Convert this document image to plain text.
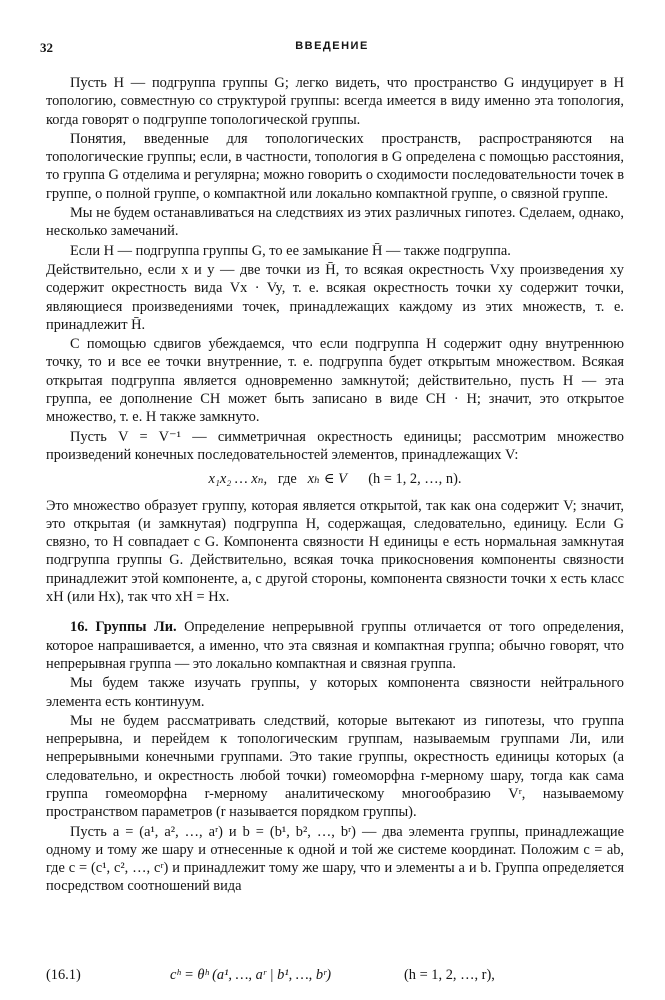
32	ВВЕДЕНИЕ

Пусть H — подгруппа группы G; легко видеть, что пространство G индуцирует в H топологию, совместную со структурой группы: всегда имеется в виду именно эта топология, когда говорят о подгруппе топологической группы.

Понятия, введенные для топологических пространств, распространяются на топологические группы; если, в частности, топология в G определена с помощью расстояния, то группа G отделима и регулярна; можно говорить о сходимости последовательности точек в группе, о полной группе, о компактной или локально компактной группе, о связной группе.

Мы не будем останавливаться на следствиях из этих различных гипотез. Сделаем, однако, несколько замечаний.

Если H — подгруппа группы G, то ее замыкание H̄ — также подгруппа.

Действительно, если x и y — две точки из H̄, то всякая окрестность Vxy произведения xy содержит окрестность вида Vx · Vy, т. е. всякая окрестность точки xy содержит точки, являющиеся произведениями точек, принадлежащих каждому из этих множеств, т. е. принадлежит H̄.

С помощью сдвигов убеждаемся, что если подгруппа H содержит одну внутреннюю точку, то и все ее точки внутренние, т. е. подгруппа будет открытым множеством. Всякая открытая подгруппа является одновременно замкнутой; действительно, пусть H — эта группа, ее дополнение CH может быть записано в виде CH · H; значит, это открытое множество, т. е. H также замкнуто.

Пусть V = V⁻¹ — симметричная окрестность единицы; рассмотрим множество произведений конечных последовательностей элементов, принадлежащих V:

x₁x₂ … xₙ, где xₕ ∈ V (h = 1, 2, …, n).

Это множество образует группу, которая является открытой, так как она содержит V; значит, это открытая (и замкнутая) подгруппа H, содержащая, следовательно, единицу. Если G связно, то H совпадает с G. Компонента связности H единицы e есть нормальная замкнутая подгруппа группы G. Действительно, всякая точка прикосновения компоненты связности принадлежит этой компоненте, а, с другой стороны, компонента связности точки x есть класс xH (или Hx), так что xH = Hx.

16. Группы Ли. Определение непрерывной группы отличается от того определения, которое напрашивается, а именно, что эта связная и компактная группа; обычно говорят, что непрерывная группа — это локально компактная и связная группа.

Мы будем также изучать группы, у которых компонента связности нейтрального элемента есть континуум.

Мы не будем рассматривать следствий, которые вытекают из гипотезы, что группа непрерывна, и перейдем к топологическим группам, называемым группами Ли, или непрерывными конечными группами. Это такие группы, окрестность единицы которых (а следовательно, и окрестность любой точки) гомеоморфна r-мерному шару, тогда как сама группа гомеоморфна r-мерному аналитическому многообразию Vʳ, называемому пространством параметров (r называется порядком группы).

Пусть a = (a¹, a², …, aʳ) и b = (b¹, b², …, bʳ) — два элемента группы, принадлежащие одному и тому же шару и отнесенные к одной и той же системе координат. Положим c = ab, где c = (c¹, c², …, cʳ) и принадлежит тому же шару, что и элементы a и b. Группа определяется посредством соотношений вида

(16.1)	cʰ = θʰ (a¹, …, aʳ | b¹, …, bʳ)	(h = 1, 2, …, r),
